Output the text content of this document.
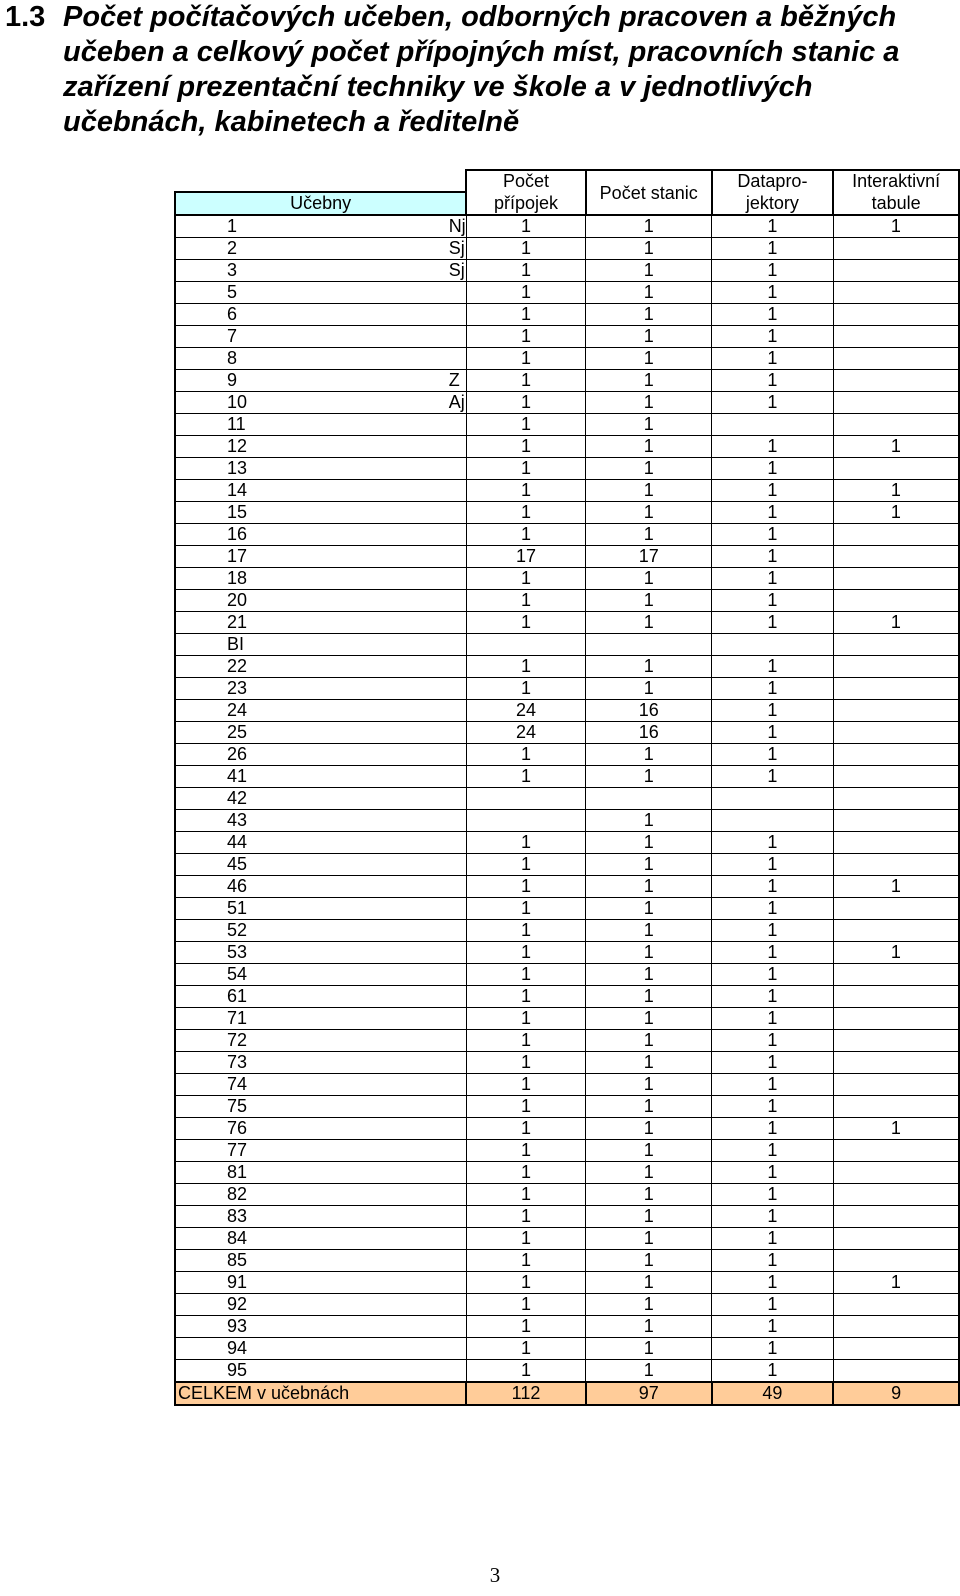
1.3 Počet počítačových učeben, odborných pracoven a běžných učeben a celkový počet přípojných míst, pracovních stanic a zařízení prezentační techniky ve škole a v jednotlivých učebnách, kabinetech a ředitelně
		Počet	Počet stanic	Datapro-	Interaktivní
Učebny		přípojek		jektory	tabule
1	Nj	1	1	1	1
2	Sj	1	1	1	
3	Sj	1	1	1	
5		1	1	1	
6		1	1	1	
7		1	1	1	
8		1	1	1	
9	Z	1	1	1	
10	Aj	1	1	1	
11		1	1		
12		1	1	1	1
13		1	1	1	
14		1	1	1	1
15		1	1	1	1
16		1	1	1	
17		17	17	1	
18		1	1	1	
20		1	1	1	
21		1	1	1	1
BI					
22		1	1	1	
23		1	1	1	
24		24	16	1	
25		24	16	1	
26		1	1	1	
41		1	1	1	
42					
43			1		
44		1	1	1	
45		1	1	1	
46		1	1	1	1
51		1	1	1	
52		1	1	1	
53		1	1	1	1
54		1	1	1	
61		1	1	1	
71		1	1	1	
72		1	1	1	
73		1	1	1	
74		1	1	1	
75		1	1	1	
76		1	1	1	1
77		1	1	1	
81		1	1	1	
82		1	1	1	
83		1	1	1	
84		1	1	1	
85		1	1	1	
91		1	1	1	1
92		1	1	1	
93		1	1	1	
94		1	1	1	
95		1	1	1	
CELKEM v učebnách		112	97	49	9
3
